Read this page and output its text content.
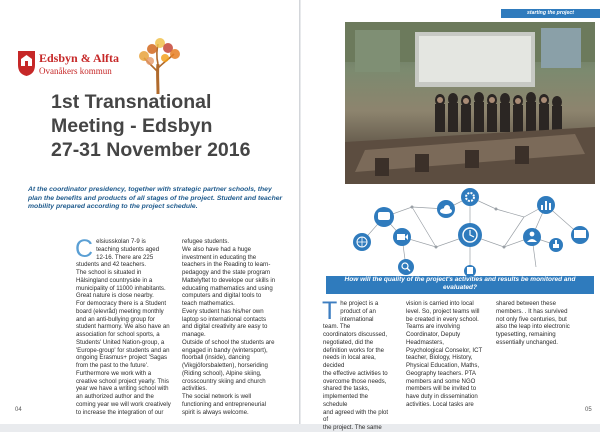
Edsbyn & Alfta
Ovanåkers kommun
1st Transnational
Meeting - Edsbyn
27-31 November 2016

At the coordinator presidency, together with strategic partner schools, they plan the benefits and products of all stages of the project. Student and teacher mobility prepared according to the project schedule.

Celsiusskolan 7-9 is
teaching students aged
12-16. There are 225
students and 42 teachers.
The school is situated in
Hälsingland countryside in a
municipality of 11000 inhabitants.
Great nature is close nearby.
For democracy there is a Student
board (elevråd) meeting monthly
and an anti-bullying group for
student harmony. We also have an
association for school sports, a
Students' United Nation-group, a
'Europe-group' for students and an
ongoing Erasmus+ project 'Sagas
from the past to the future'.
Furthermore we work with a
creative school project yearly. This
year we have a writing school with
an authorized author and the
coming year we will work creatively
to increase the integration of our
refugee students.
We also have had a huge
investment in educating the
teachers in the Reading to learn-
pedagogy and the state program
Mattelyftet to develope our skills in
educating mathematics and using
computers and digital tools to
teach mathematics.
Every student has his/her own
laptop so international contacts
and digital creativity are easy to
manage.
Outside of school the students are
engaged in bandy (wintersport),
floorball (inside), dancing
(Vikgjöforsbaletten), horseriding
(Riding school), Alpine skiing,
crosscountry skiing and church
activities.
The social network is well
functioning and entrepreneurial
spirit is always welcome.
04
starting the project

How will the quality of the project's activities and results be monitored and evaluated?

The project is a
product of an
international
team. The
coordinators discussed,
negotiated, did the
definition works for the
needs in local area, decided
the effective activities to
overcome those needs,
shared the tasks,
implemented the schedule
and agreed with the plot of
the project. The same
vision is carried into local
level. So, project teams will
be created in every school.
Teams are involving
Coordinator, Deputy
Headmasters,
Psychological Conselor, ICT
teacher, Biology, History,
Physical Education, Maths,
Geography teachers. PTA
members and some NGO
members will be invited to
have duty in dissemination
activities. Local tasks are
shared between these
members. . It has survived
not only five centuries, but
also the leap into electronic
typesetting, remaining
essentially unchanged.
05
